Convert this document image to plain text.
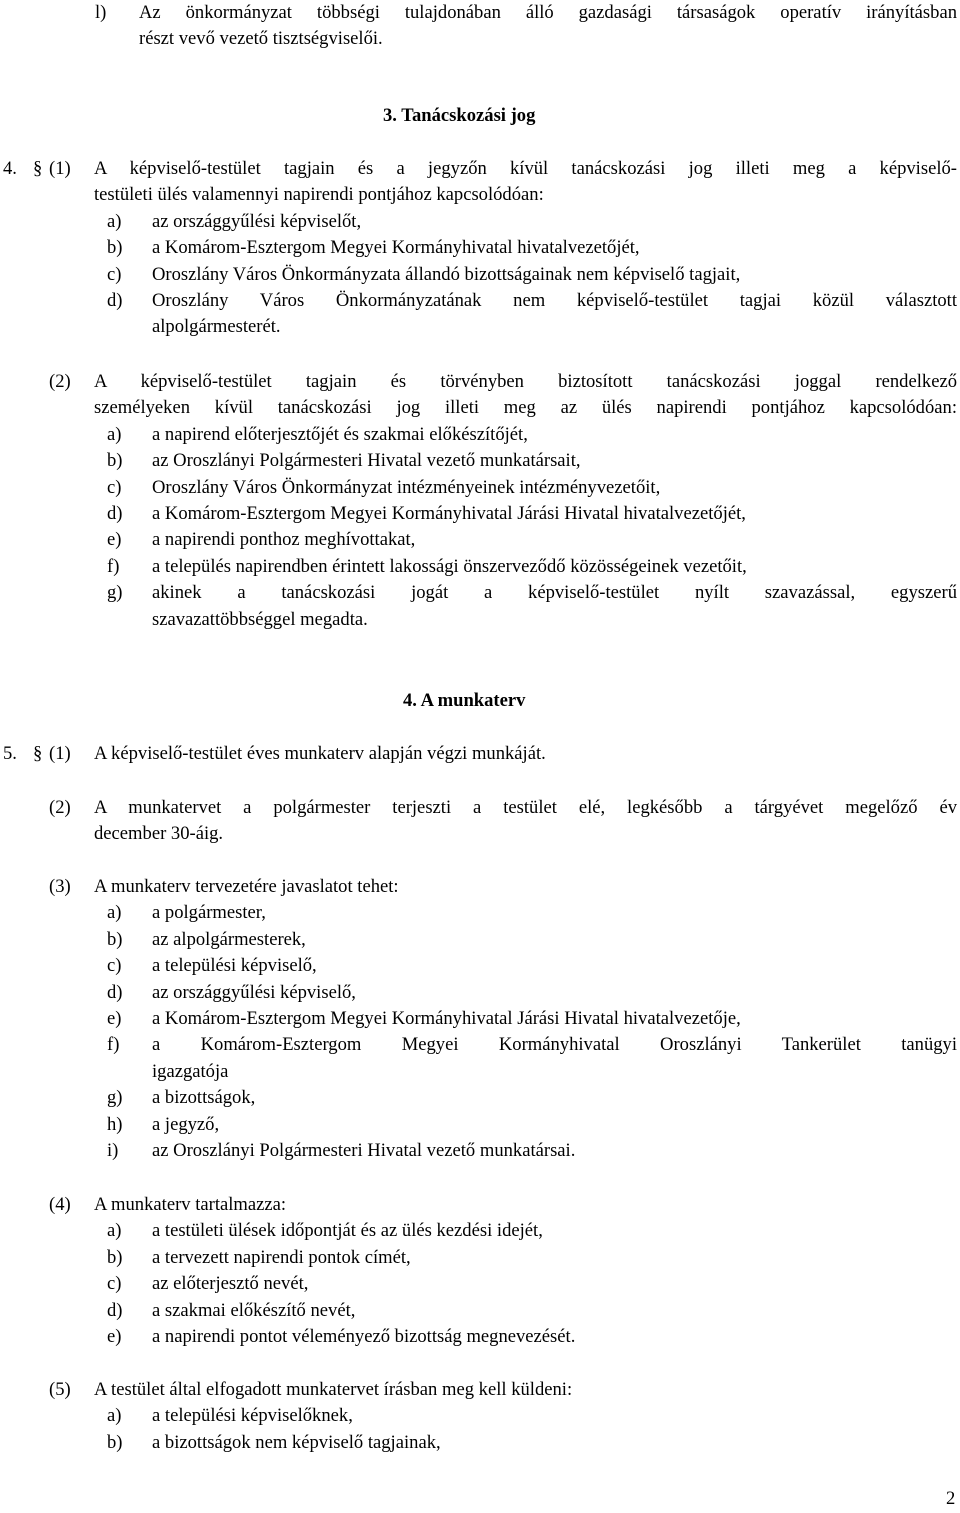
l) Az önkormányzat többségi tulajdonában álló gazdasági társaságok operatív irányításban
részt vevő vezető tisztségviselői.
3. Tanácskozási jog
4. § (1) A képviselő-testület tagjain és a jegyzőn kívül tanácskozási jog illeti meg a képviselő-
testületi ülés valamennyi napirendi pontjához kapcsolódóan:
a) az országgyűlési képviselőt,
b) a Komárom-Esztergom Megyei Kormányhivatal hivatalvezetőjét,
c) Oroszlány Város Önkormányzata állandó bizottságainak nem képviselő tagjait,
d) Oroszlány Város Önkormányzatának nem képviselő-testület tagjai közül választott
alpolgármesterét.
(2) A képviselő-testület tagjain és törvényben biztosított tanácskozási joggal rendelkező
személyeken kívül tanácskozási jog illeti meg az ülés napirendi pontjához kapcsolódóan:
a) a napirend előterjesztőjét és szakmai előkészítőjét,
b) az Oroszlányi Polgármesteri Hivatal vezető munkatársait,
c) Oroszlány Város Önkormányzat intézményeinek intézményvezetőit,
d) a Komárom-Esztergom Megyei Kormányhivatal Járási Hivatal hivatalvezetőjét,
e) a napirendi ponthoz meghívottakat,
f) a település napirendben érintett lakossági önszerveződő közösségeinek vezetőit,
g) akinek a tanácskozási jogát a képviselő-testület nyílt szavazással, egyszerű
szavazattöbbséggel megadta.
4. A munkaterv
5. § (1) A képviselő-testület éves munkaterv alapján végzi munkáját.
(2) A munkatervet a polgármester terjeszti a testület elé, legkésőbb a tárgyévet megelőző év
december 30-áig.
(3) A munkaterv tervezetére javaslatot tehet:
a) a polgármester,
b) az alpolgármesterek,
c) a települési képviselő,
d) az országgyűlési képviselő,
e) a Komárom-Esztergom Megyei Kormányhivatal Járási Hivatal hivatalvezetője,
f) a Komárom-Esztergom Megyei Kormányhivatal Oroszlányi Tankerület tanügyi
igazgatója
g) a bizottságok,
h) a jegyző,
i) az Oroszlányi Polgármesteri Hivatal vezető munkatársai.
(4) A munkaterv tartalmazza:
a) a testületi ülések időpontját és az ülés kezdési idejét,
b) a tervezett napirendi pontok címét,
c) az előterjesztő nevét,
d) a szakmai előkészítő nevét,
e) a napirendi pontot véleményező bizottság megnevezését.
(5) A testület által elfogadott munkatervet írásban meg kell küldeni:
a) a települési képviselőknek,
b) a bizottságok nem képviselő tagjainak,
2
